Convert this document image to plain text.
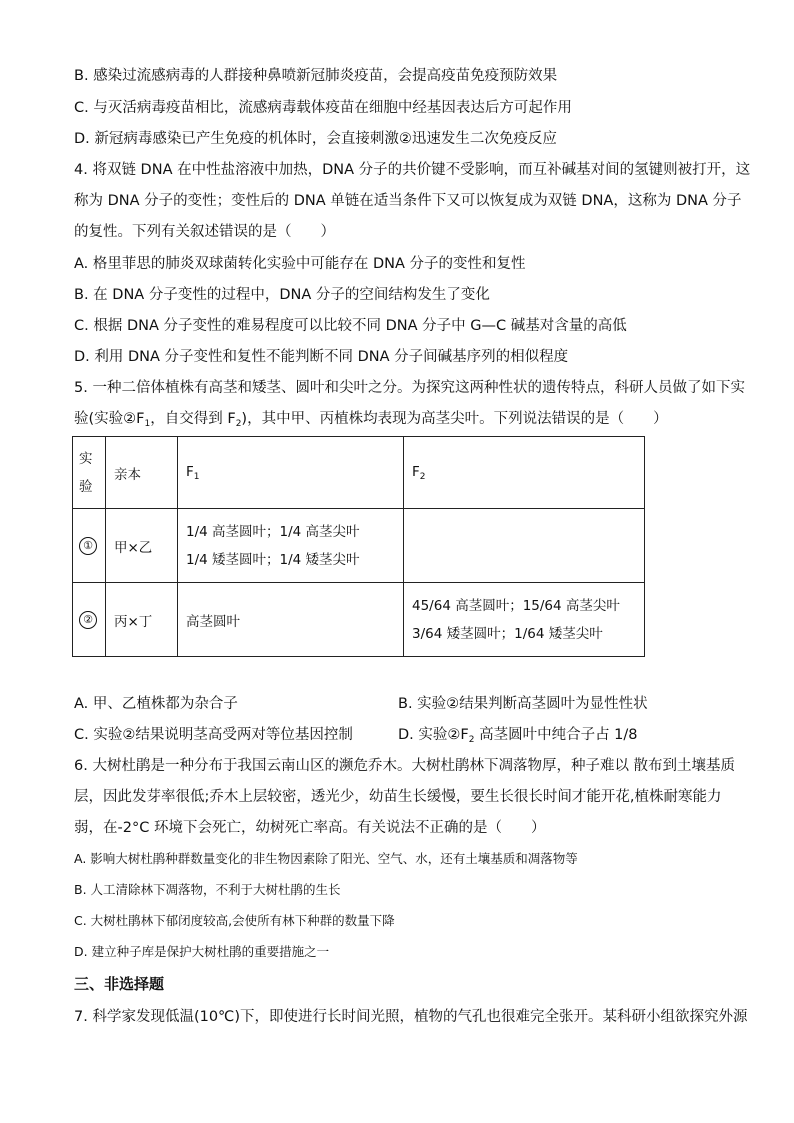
B. 感染过流感病毒的人群接种鼻喷新冠肺炎疫苗，会提高疫苗免疫预防效果
C. 与灭活病毒疫苗相比，流感病毒载体疫苗在细胞中经基因表达后方可起作用
D. 新冠病毒感染已产生免疫的机体时，会直接刺激②迅速发生二次免疫反应
4. 将双链 DNA 在中性盐溶液中加热，DNA 分子的共价键不受影响，而互补碱基对间的氢键则被打开，这
称为 DNA 分子的变性；变性后的 DNA 单链在适当条件下又可以恢复成为双链 DNA，这称为 DNA 分子
的复性。下列有关叙述错误的是（　　）
A. 格里菲思的肺炎双球菌转化实验中可能存在 DNA 分子的变性和复性
B. 在 DNA 分子变性的过程中，DNA 分子的空间结构发生了变化
C. 根据 DNA 分子变性的难易程度可以比较不同 DNA 分子中 G—C 碱基对含量的高低
D. 利用 DNA 分子变性和复性不能判断不同 DNA 分子间碱基序列的相似程度
5. 一种二倍体植株有高茎和矮茎、圆叶和尖叶之分。为探究这两种性状的遗传特点，科研人员做了如下实
验(实验$②F_1$，自交得到 $F_2$)，其中甲、丙植株均表现为高茎尖叶。下列说法错误的是（　　）
实
验	亲本	$F_1$	$F_2$
①	甲×乙	1/4 高茎圆叶；1/4 高茎尖叶
1/4 矮茎圆叶；1/4 矮茎尖叶	

②	丙×丁	高茎圆叶	45/64 高茎圆叶；15/64 高茎尖叶
3/64 矮茎圆叶；1/64 矮茎尖叶
A. 甲、乙植株都为杂合子	B. 实验②结果判断高茎圆叶为显性性状
C. 实验②结果说明茎高受两对等位基因控制	D. 实验$②F_2$ 高茎圆叶中纯合子占 1/8
6. 大树杜鹃是一种分布于我国云南山区的濒危乔木。大树杜鹃林下凋落物厚，种子难以 散布到土壤基质
层，因此发芽率很低;乔木上层较密，透光少，幼苗生长缓慢，要生长很长时间才能开花,植株耐寒能力
弱，在-2°C 环境下会死亡，幼树死亡率高。有关说法不正确的是（　　）
A. 影响大树杜鹃种群数量变化的非生物因素除了阳光、空气、水，还有土壤基质和凋落物等
B. 人工清除林下凋落物，不利于大树杜鹃的生长
C. 大树杜鹃林下郁闭度较高,会使所有林下种群的数量下降
D. 建立种子库是保护大树杜鹃的重要措施之一
三、非选择题
7. 科学家发现低温(10℃)下，即使进行长时间光照，植物的气孔也很难完全张开。某科研小组欲探究外源
